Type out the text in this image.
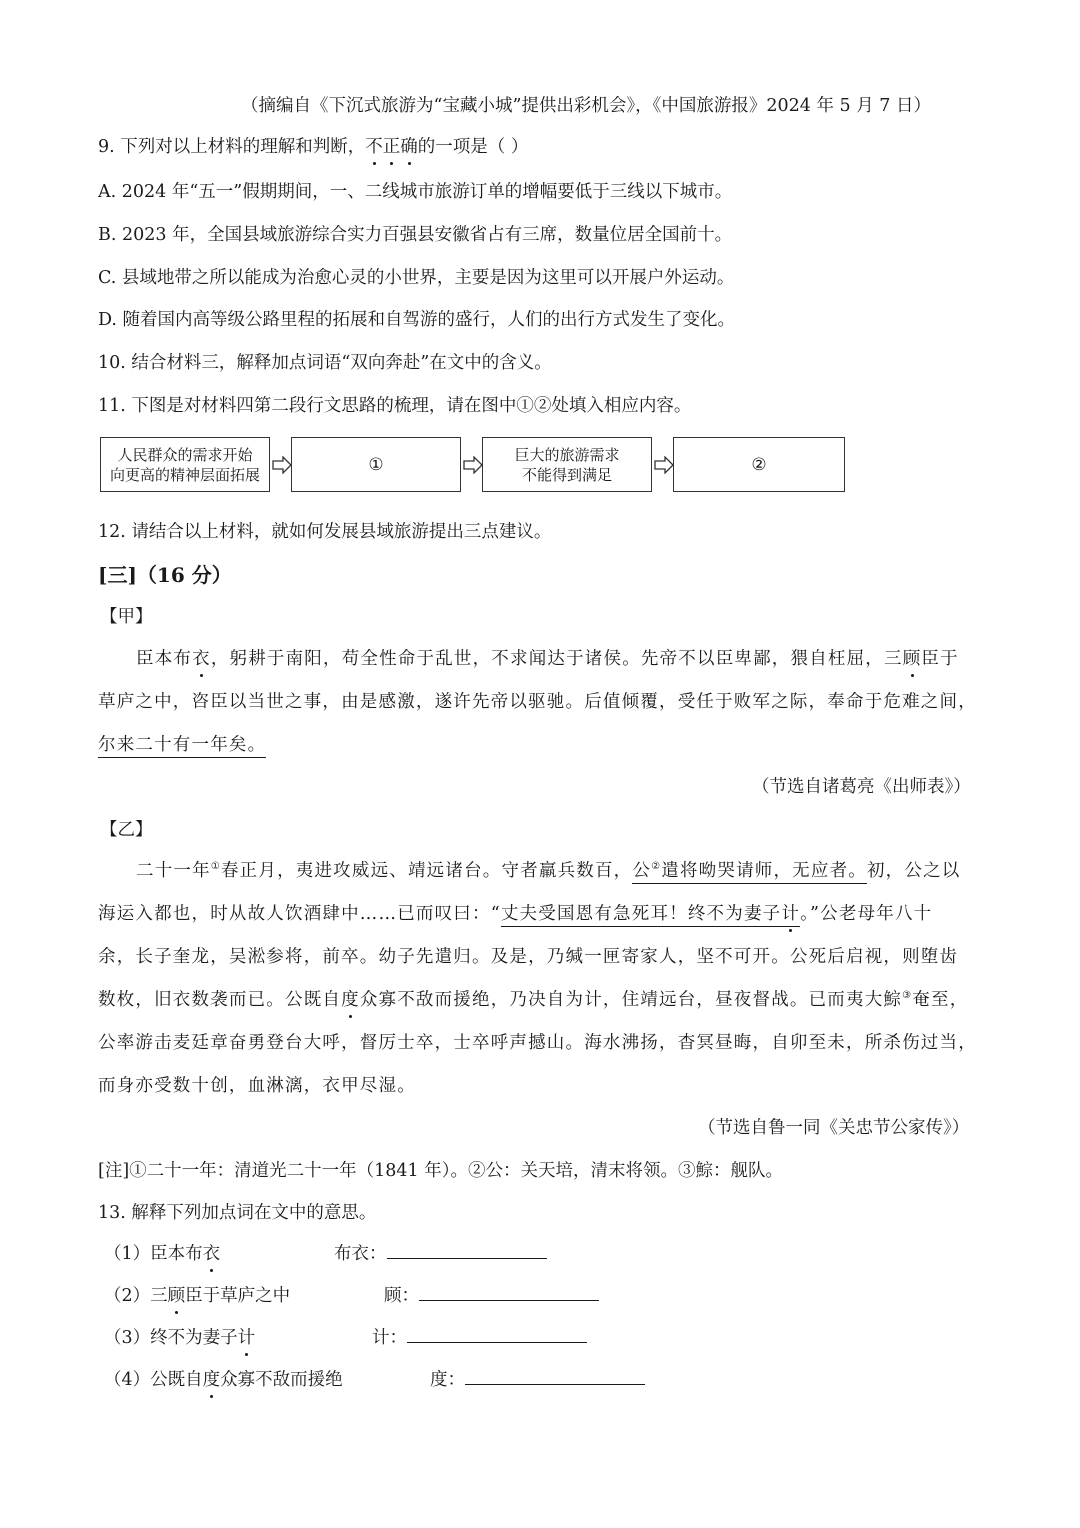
（摘编自《下沉式旅游为“宝藏小城”提供出彩机会》，《中国旅游报》2024 年 5 月 7 日）
9. 下列对以上材料的理解和判断，不正确的一项是（ ）
A. 2024 年“五一”假期期间，一、二线城市旅游订单的增幅要低于三线以下城市。
B. 2023 年，全国县域旅游综合实力百强县安徽省占有三席，数量位居全国前十。
C. 县域地带之所以能成为治愈心灵的小世界，主要是因为这里可以开展户外运动。
D. 随着国内高等级公路里程的拓展和自驾游的盛行，人们的出行方式发生了变化。
10. 结合材料三，解释加点词语“双向奔赴”在文中的含义。
11. 下图是对材料四第二段行文思路的梳理，请在图中①②处填入相应内容。
人民群众的需求开始
向更高的精神层面拓展	①	巨大的旅游需求
不能得到满足	②
12. 请结合以上材料，就如何发展县域旅游提出三点建议。
[三]（16 分）
【甲】
臣本布衣，躬耕于南阳，苟全性命于乱世，不求闻达于诸侯。先帝不以臣卑鄙，猥自枉屈，三顾臣于
草庐之中，咨臣以当世之事，由是感激，遂许先帝以驱驰。后值倾覆，受任于败军之际，奉命于危难之间，
尔来二十有一年矣。
（节选自诸葛亮《出师表》）
【乙】
二十一年①春正月，夷进攻威远、靖远诸台。守者羸兵数百，公②遣将呦哭请师，无应者。初，公之以
海运入都也，时从故人饮酒肆中……已而叹曰：“丈夫受国恩有急死耳！终不为妻子计。”公老母年八十
余，长子奎龙，吴淞参将，前卒。幼子先遣归。及是，乃缄一匣寄家人，坚不可开。公死后启视，则堕齿
数枚，旧衣数袭而已。公既自度众寡不敌而援绝，乃决自为计，住靖远台，昼夜督战。已而夷大鯮③奄至，
公率游击麦廷章奋勇登台大呼，督厉士卒，士卒呼声撼山。海水沸扬，杳冥昼晦，自卯至未，所杀伤过当，
而身亦受数十创，血淋漓，衣甲尽湿。
（节选自鲁一同《关忠节公家传》）
[注]①二十一年：清道光二十一年（1841 年）。②公：关天培，清末将领。③鯮：舰队。
13. 解释下列加点词在文中的意思。
（1）臣本布衣	布衣：
（2）三顾臣于草庐之中	顾：
（3）终不为妻子计	计：
（4）公既自度众寡不敌而援绝	度：
